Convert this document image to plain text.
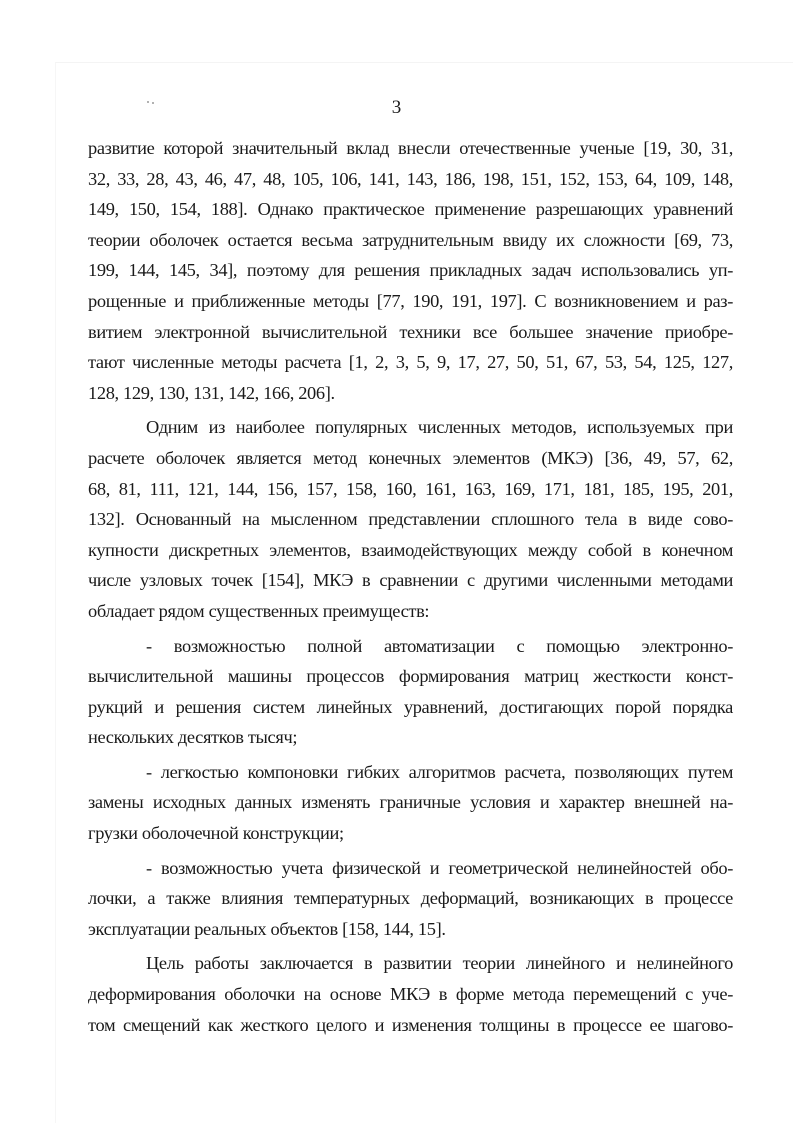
3

развитие которой значительный вклад внесли отечественные ученые [19, 30, 31,
32, 33, 28, 43, 46, 47, 48, 105, 106, 141, 143, 186, 198, 151, 152, 153, 64, 109, 148,
149, 150, 154, 188]. Однако практическое применение разрешающих уравнений
теории оболочек остается весьма затруднительным ввиду их сложности [69, 73,
199, 144, 145, 34], поэтому для решения прикладных задач использовались уп-
рощенные и приближенные методы [77, 190, 191, 197]. С возникновением и раз-
витием электронной вычислительной техники все большее значение приобре-
тают численные методы расчета [1, 2, 3, 5, 9, 17, 27, 50, 51, 67, 53, 54, 125, 127,
128, 129, 130, 131, 142, 166, 206].

Одним из наиболее популярных численных методов, используемых при
расчете оболочек является метод конечных элементов (МКЭ) [36, 49, 57, 62,
68, 81, 111, 121, 144, 156, 157, 158, 160, 161, 163, 169, 171, 181, 185, 195, 201,
132]. Основанный на мысленном представлении сплошного тела в виде сово-
купности дискретных элементов, взаимодействующих между собой в конечном
числе узловых точек [154], МКЭ в сравнении с другими численными методами
обладает рядом существенных преимуществ:

- возможностью полной автоматизации с помощью электронно-
вычислительной машины процессов формирования матриц жесткости конст-
рукций и решения систем линейных уравнений, достигающих порой порядка
нескольких десятков тысяч;

- легкостью компоновки гибких алгоритмов расчета, позволяющих путем
замены исходных данных изменять граничные условия и характер внешней на-
грузки оболочечной конструкции;

- возможностью учета физической и геометрической нелинейностей обо-
лочки, а также влияния температурных деформаций, возникающих в процессе
эксплуатации реальных объектов [158, 144, 15].

Цель работы заключается в развитии теории линейного и нелинейного
деформирования оболочки на основе МКЭ в форме метода перемещений с уче-
том смещений как жесткого целого и изменения толщины в процессе ее шагово-
